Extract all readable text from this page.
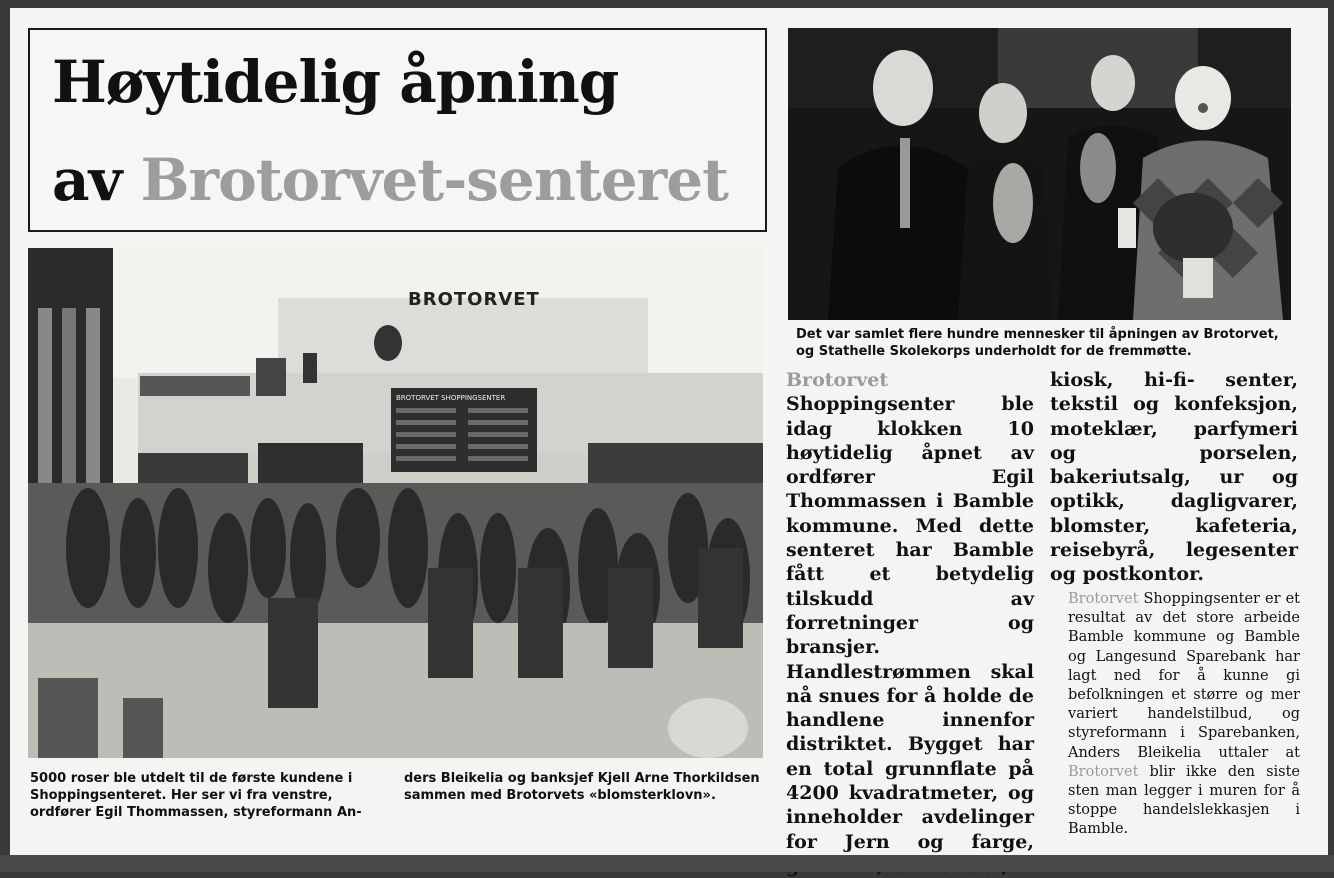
Høytidelig åpning
av Brotorvet-senteret
BROTORVET
BROTORVET SHOPPINGSENTER
Det var samlet flere hundre mennesker til åpningen av Brotorvet, og Stathelle Skolekorps underholdt for de fremmøtte.
5000 roser ble utdelt til de første kundene i Shoppingsenteret. Her ser vi fra venstre, ordfører Egil Thommassen, styreformann An-
ders Bleikelia og banksjef Kjell Arne Thorkildsen sammen med Brotorvets «blomsterklovn».
Brotorvet Shoppingsenter ble idag klokken 10 høytidelig åpnet av ordfører Egil Thommassen i Bamble kommune. Med dette senteret har Bamble fått et betydelig tilskudd av forretninger og bransjer. Handlestrømmen skal nå snues for å holde de handlene innenfor distriktet. Bygget har en total grunnflate på 4200 kvadratmeter, og inneholder avdelinger for Jern og farge,
kiosk, hi-fi- senter, tekstil og konfeksjon, moteklær, parfymeri og porselen, bakeriutsalg, ur og optikk, dagligvarer, blomster, kafeteria, reisebyrå, legesenter og postkontor.
Brotorvet Shoppingsenter er et resultat av det store arbeide Bamble kommune og Bamble og Langesund Sparebank har lagt ned for å kunne gi befolkningen et større og mer variert handelstilbud, og styreformann i Sparebanken, Anders Bleikelia uttaler at Brotorvet blir ikke den siste sten man legger i muren for å stoppe handelslekkasjen i Bamble.
